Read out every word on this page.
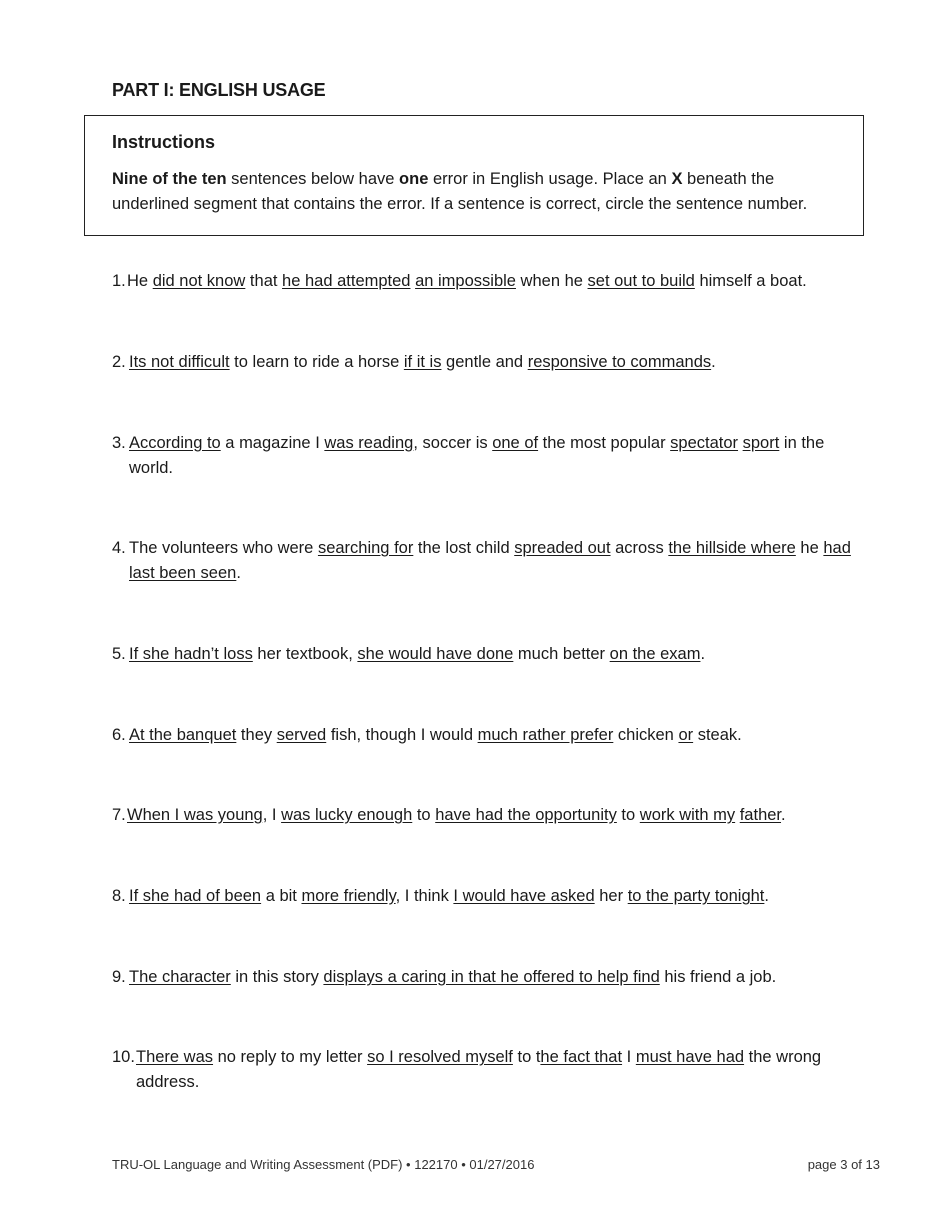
PART I: ENGLISH USAGE
Instructions

Nine of the ten sentences below have one error in English usage. Place an X beneath the underlined segment that contains the error. If a sentence is correct, circle the sentence number.

1. He did not know that he had attempted an impossible when he set out to build himself a boat.
2. Its not difficult to learn to ride a horse if it is gentle and responsive to commands.
3. According to a magazine I was reading, soccer is one of the most popular spectator sport in the world.
4. The volunteers who were searching for the lost child spreaded out across the hillside where he had last been seen.
5. If she hadn’t loss her textbook, she would have done much better on the exam.
6. At the banquet they served fish, though I would much rather prefer chicken or steak.
7. When I was young, I was lucky enough to have had the opportunity to work with my father.
8. If she had of been a bit more friendly, I think I would have asked her to the party tonight.
9. The character in this story displays a caring in that he offered to help find his friend a job.
10. There was no reply to my letter so I resolved myself to the fact that I must have had the wrong address.
TRU-OL Language and Writing Assessment (PDF) • 122170 • 01/27/2016	page 3 of 13
